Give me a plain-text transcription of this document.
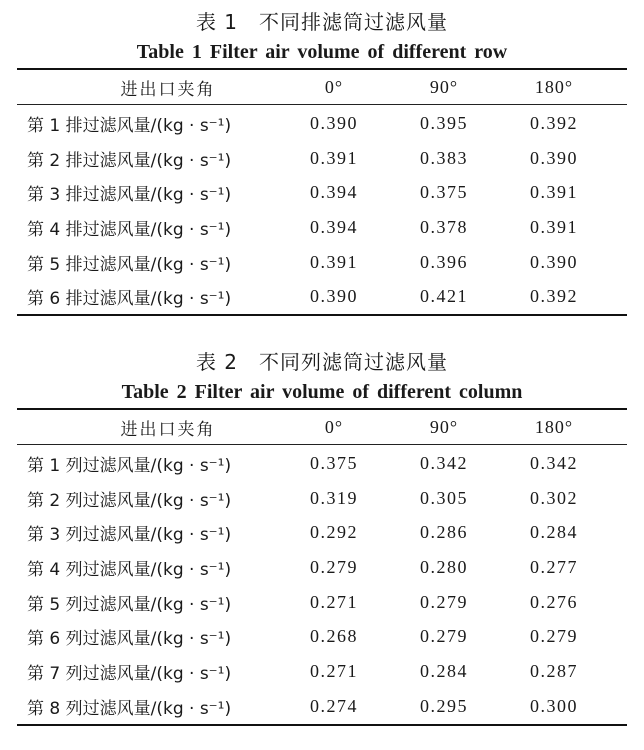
表 1　不同排滤筒过滤风量
Table 1 Filter air volume of different row
进出口夹角	0°	90°	180°
第 1 排过滤风量/(kg · s⁻¹)	0.390	0.395	0.392
第 2 排过滤风量/(kg · s⁻¹)	0.391	0.383	0.390
第 3 排过滤风量/(kg · s⁻¹)	0.394	0.375	0.391
第 4 排过滤风量/(kg · s⁻¹)	0.394	0.378	0.391
第 5 排过滤风量/(kg · s⁻¹)	0.391	0.396	0.390
第 6 排过滤风量/(kg · s⁻¹)	0.390	0.421	0.392
表 2　不同列滤筒过滤风量
Table 2 Filter air volume of different column
进出口夹角	0°	90°	180°
第 1 列过滤风量/(kg · s⁻¹)	0.375	0.342	0.342
第 2 列过滤风量/(kg · s⁻¹)	0.319	0.305	0.302
第 3 列过滤风量/(kg · s⁻¹)	0.292	0.286	0.284
第 4 列过滤风量/(kg · s⁻¹)	0.279	0.280	0.277
第 5 列过滤风量/(kg · s⁻¹)	0.271	0.279	0.276
第 6 列过滤风量/(kg · s⁻¹)	0.268	0.279	0.279
第 7 列过滤风量/(kg · s⁻¹)	0.271	0.284	0.287
第 8 列过滤风量/(kg · s⁻¹)	0.274	0.295	0.300
